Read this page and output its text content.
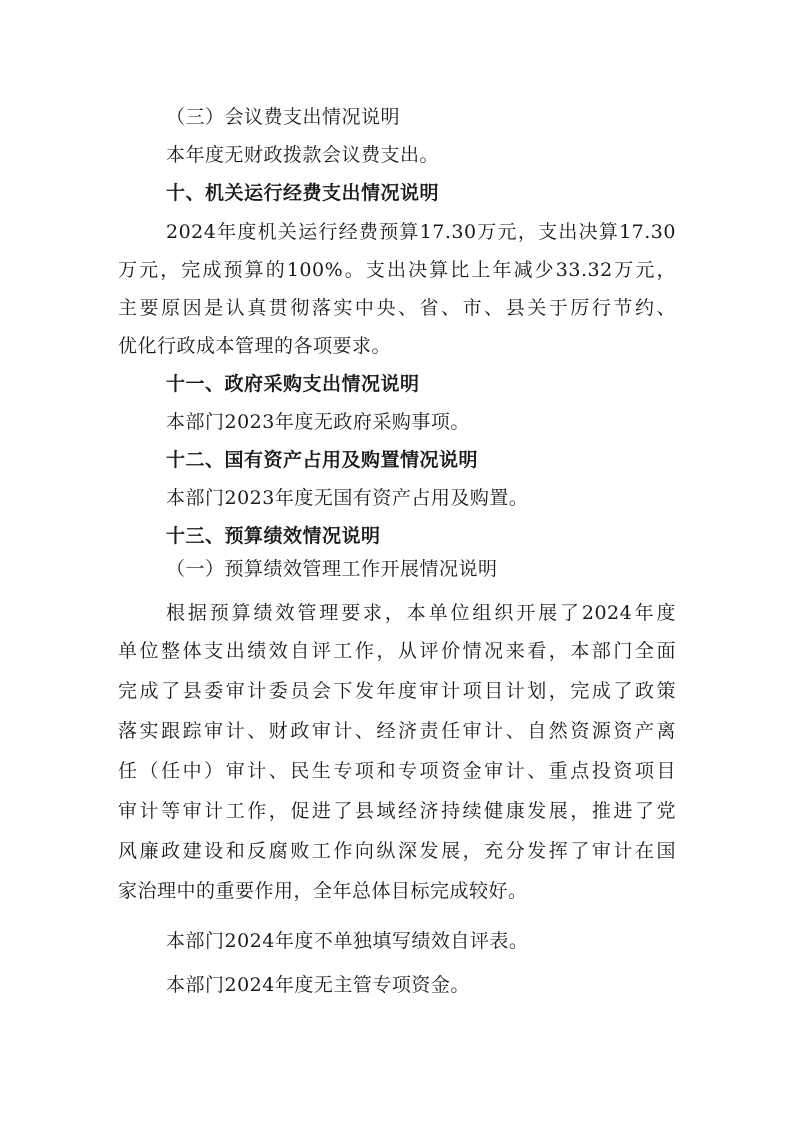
（三）会议费支出情况说明

本年度无财政拨款会议费支出。

十、机关运行经费支出情况说明

2024年度机关运行经费预算17.30万元，支出决算17.30

万元，完成预算的100%。支出决算比上年减少33.32万元，

主要原因是认真贯彻落实中央、省、市、县关于厉行节约、

优化行政成本管理的各项要求。

十一、政府采购支出情况说明

本部门2023年度无政府采购事项。

十二、国有资产占用及购置情况说明

本部门2023年度无国有资产占用及购置。

十三、预算绩效情况说明

（一）预算绩效管理工作开展情况说明

根据预算绩效管理要求，本单位组织开展了2024年度

单位整体支出绩效自评工作，从评价情况来看，本部门全面

完成了县委审计委员会下发年度审计项目计划，完成了政策

落实跟踪审计、财政审计、经济责任审计、自然资源资产离

任（任中）审计、民生专项和专项资金审计、重点投资项目

审计等审计工作，促进了县域经济持续健康发展，推进了党

风廉政建设和反腐败工作向纵深发展，充分发挥了审计在国

家治理中的重要作用，全年总体目标完成较好。

本部门2024年度不单独填写绩效自评表。

本部门2024年度无主管专项资金。
